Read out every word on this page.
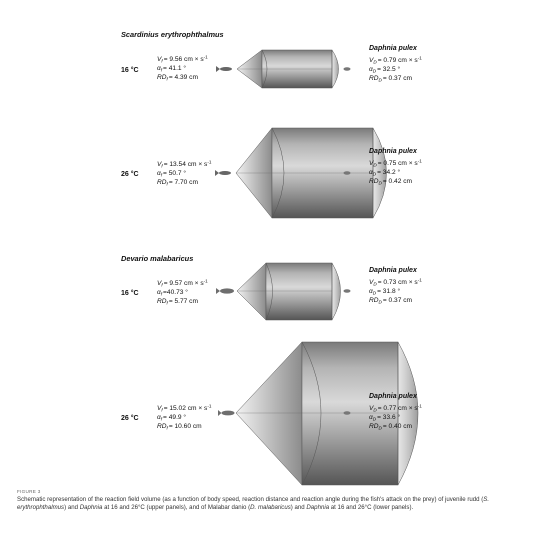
Scardinius erythrophthalmus
Devario malabaricus
16 °C
26 °C
16 °C
26 °C
$V_f= 9.56$ cm × $s^{-1}$
$\alpha_f= 41.1$ °
$RD_f= 4.39$ cm
$V_f= 13.54$ cm × $s^{-1}$
$\alpha_f= 50.7$ °
$RD_f= 7.70$ cm
$V_f= 9.57$ cm × $s^{-1}$
$\alpha_f=40.73$ °
$RD_f= 5.77$ cm
$V_f= 15.02$ cm × $s^{-1}$
$\alpha_f= 49.9$ °
$RD_f= 10.60$ cm
Daphnia pulex
$V_D= 0.79$ cm × $s^{-1}$
$\alpha_D= 32.5$ °
$RD_D= 0.37$ cm
Daphnia pulex
$V_D= 0.75$ cm × $s^{-1}$
$\alpha_D= 34.2$ °
$RD_D= 0.42$ cm
Daphnia pulex
$V_D= 0.73$ cm × $s^{-1}$
$\alpha_D= 31.8$ °
$RD_D= 0.37$ cm
Daphnia pulex
$V_D= 0.77$ cm × $s^{-1}$
$\alpha_D= 33.6$ °
$RD_D= 0.40$ cm
FIGURE 3
Schematic representation of the reaction field volume (as a function of body speed, reaction distance and reaction angle during the fish's attack on the prey) of juvenile rudd (S. erythrophthalmus) and Daphnia at 16 and 26°C (upper panels), and of Malabar danio (D. malabaricus) and Daphnia at 16 and 26°C (lower panels).
